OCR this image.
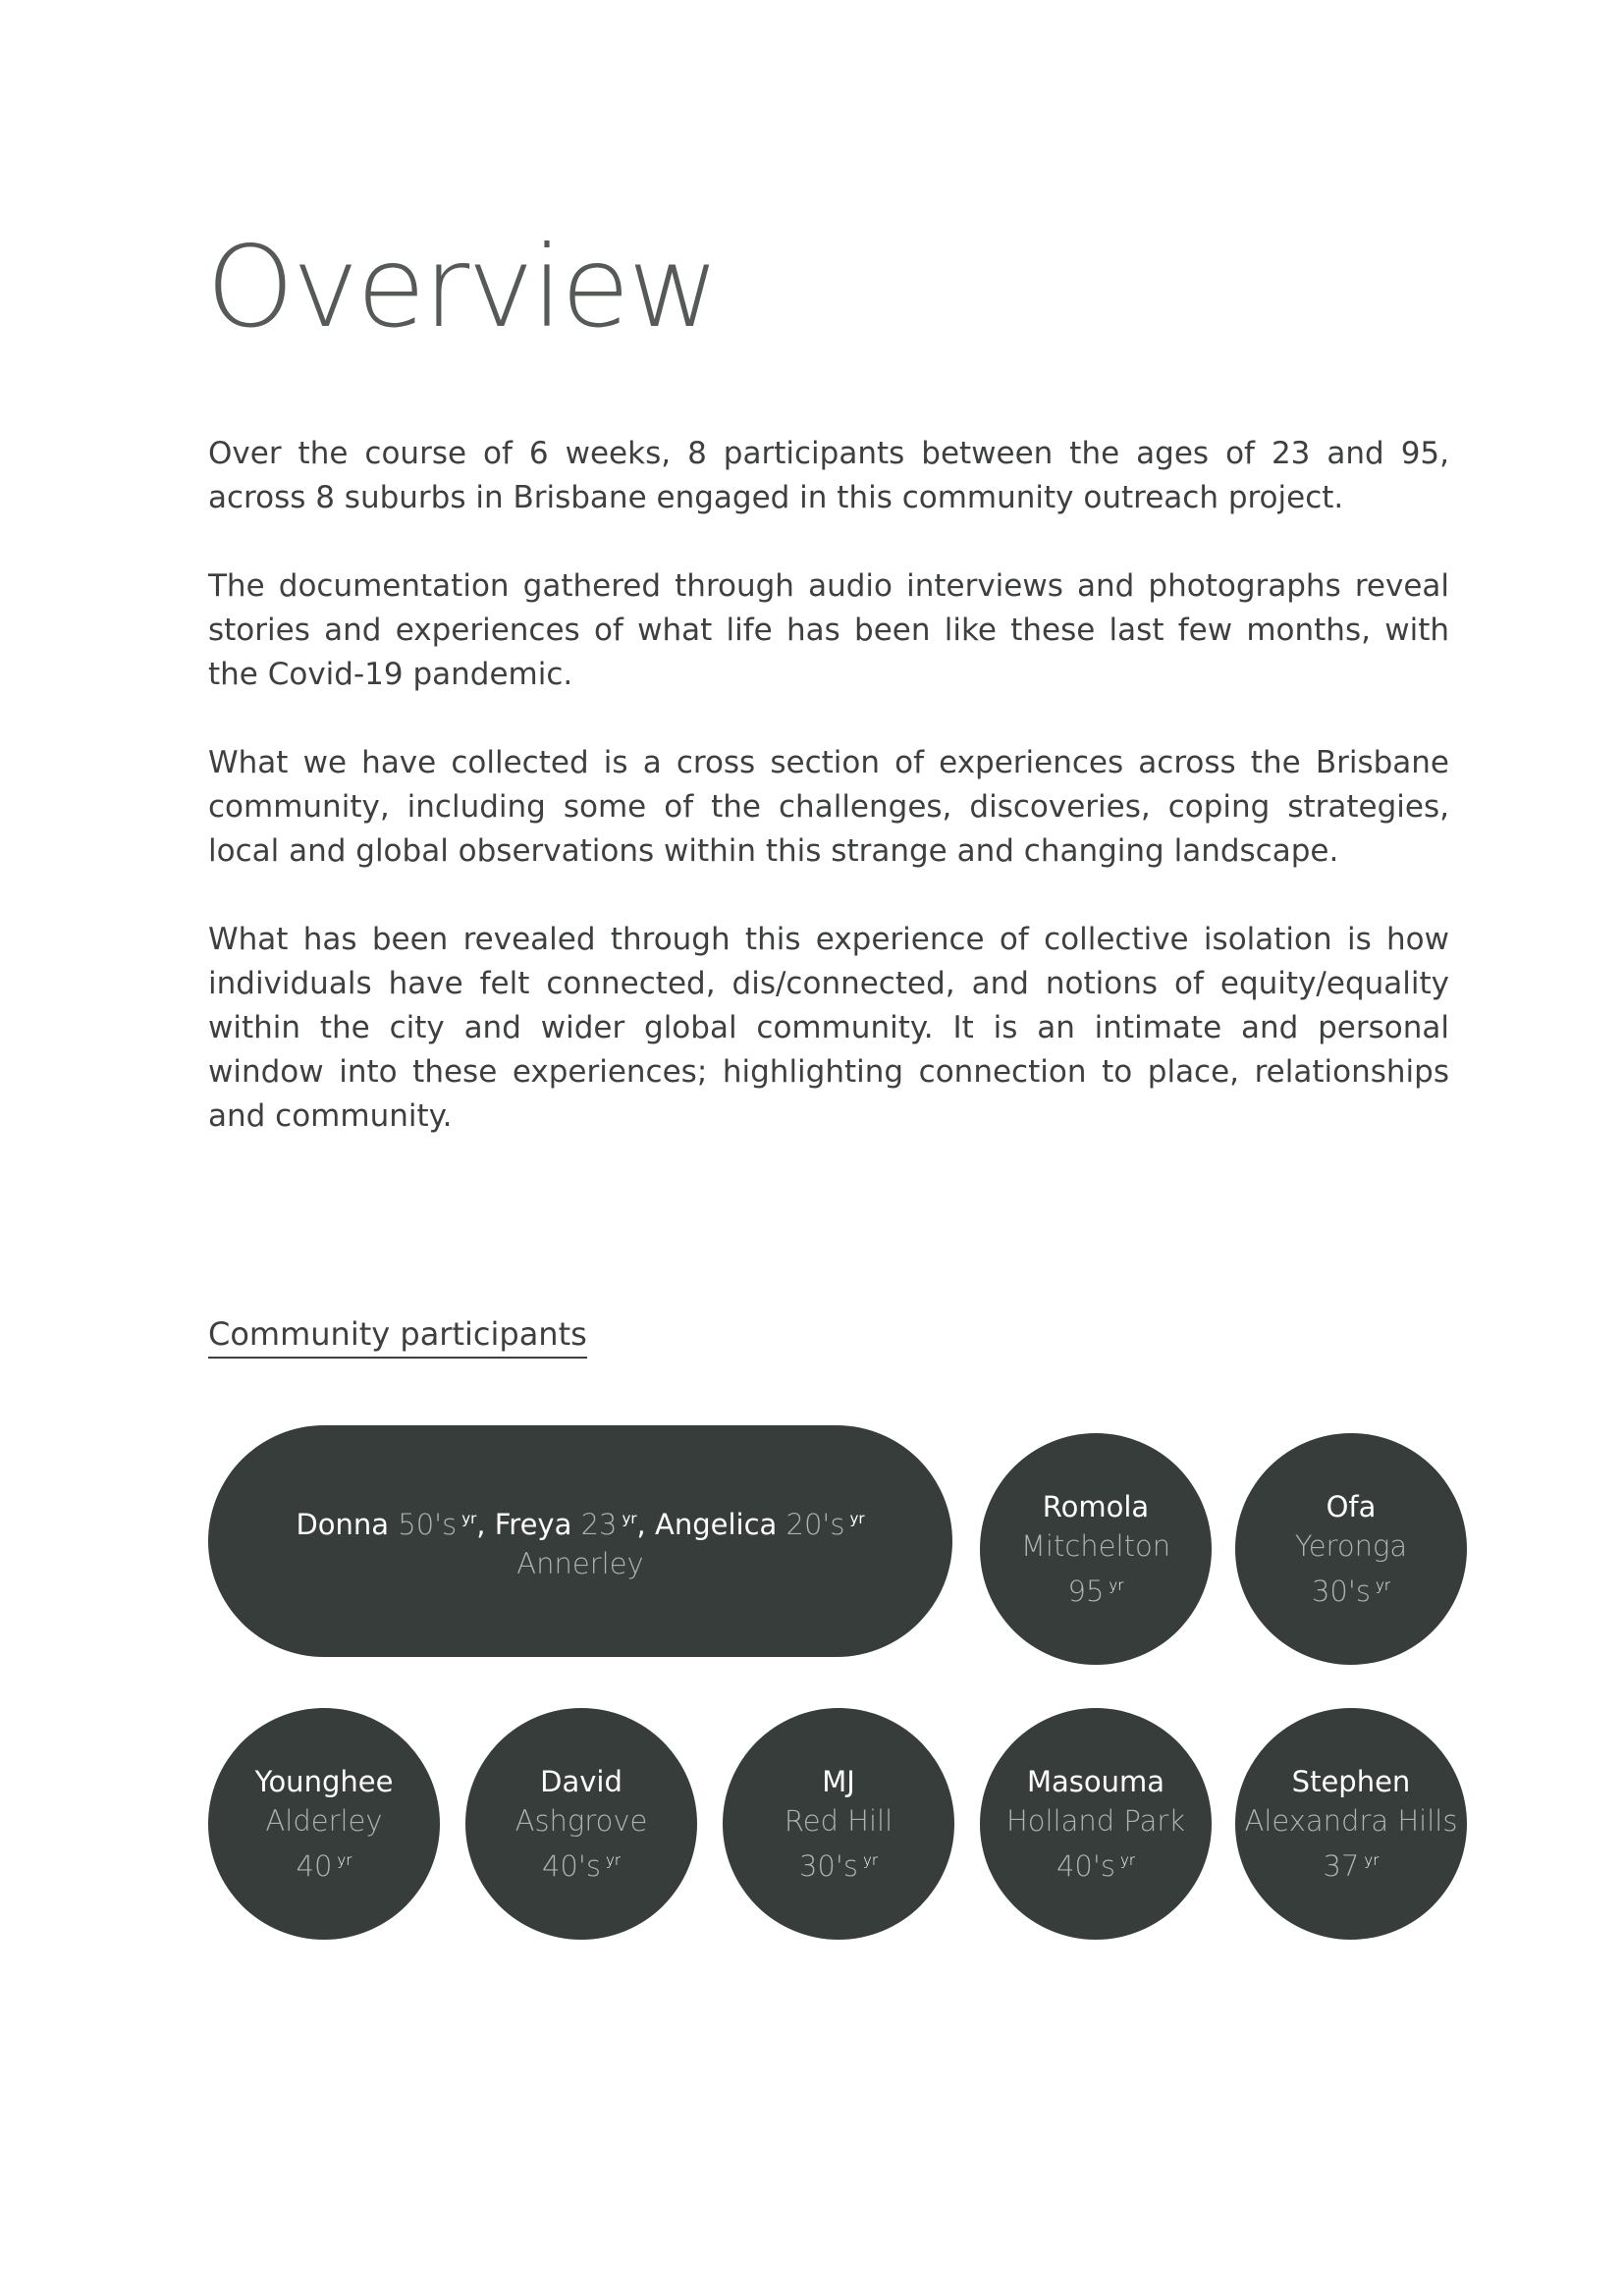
Overview

Over the course of 6 weeks, 8 participants between the ages of 23 and 95, across 8 suburbs in Brisbane engaged in this community outreach project.

The documentation gathered through audio interviews and photographs reveal stories and experiences of what life has been like these last few months, with the Covid-19 pandemic.

What we have collected is a cross section of experiences across the Brisbane community, including some of the challenges, discoveries, coping strategies, local and global observations within this strange and changing landscape.

What has been revealed through this experience of collective isolation is how individuals have felt connected, dis/connected, and notions of equity/equality within the city and wider global community. It is an intimate and personal window into these experiences; highlighting connection to place, relationships and community.

Community participants
Donna 50's $^{yr}$, Freya 23 $^{yr}$, Angelica 20's $^{yr}$
Annerley
Romola
Mitchelton
95 $^{yr}$
Ofa
Yeronga
30's $^{yr}$
Younghee
Alderley
40 $^{yr}$
David
Ashgrove
40's $^{yr}$
MJ
Red Hill
30's $^{yr}$
Masouma
Holland Park
40's $^{yr}$
Stephen
Alexandra Hills
37 $^{yr}$
